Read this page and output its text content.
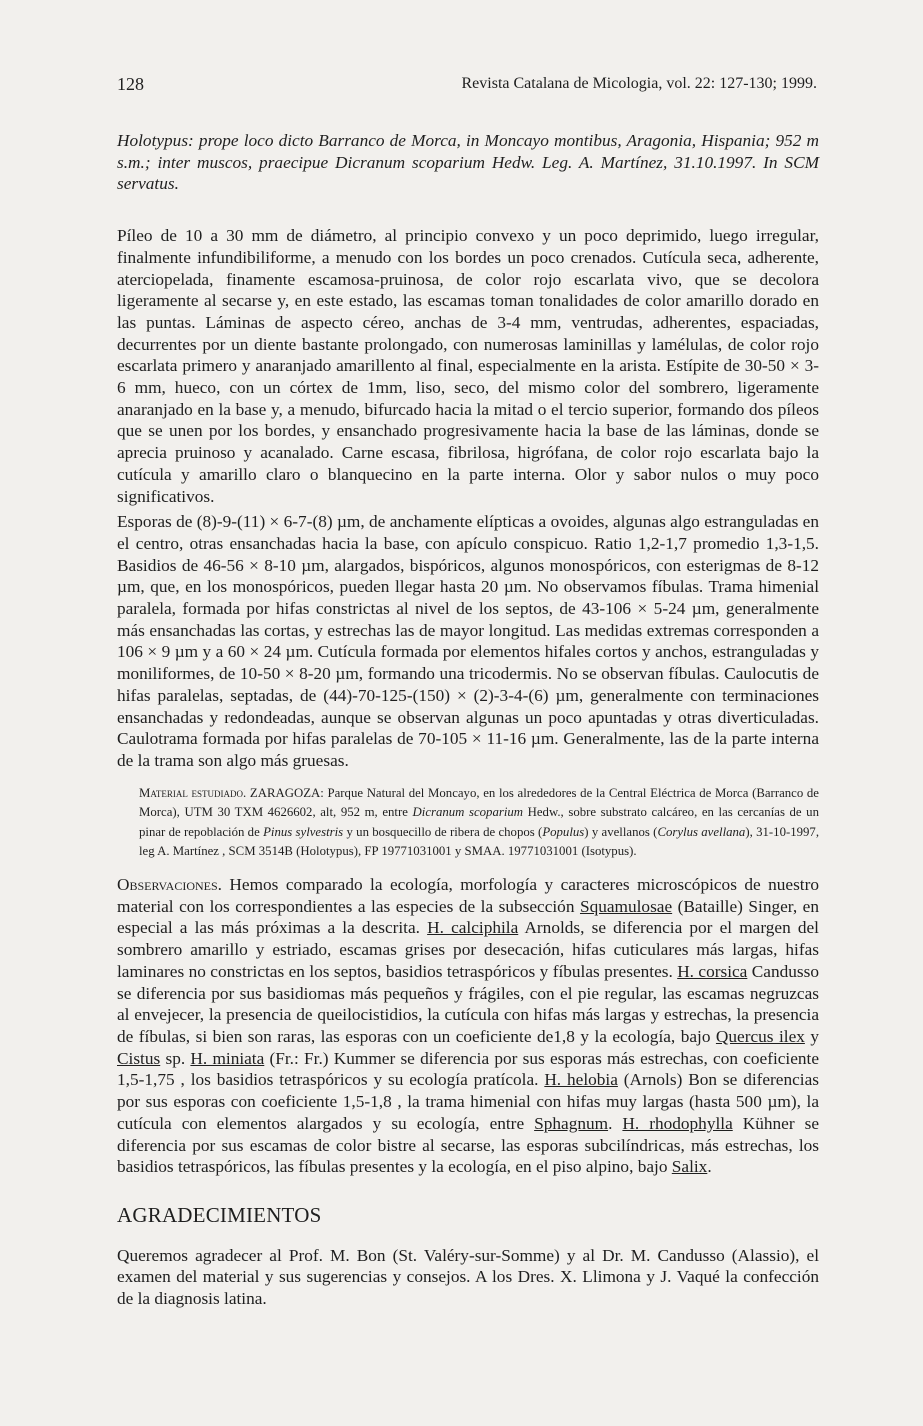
128	Revista Catalana de Micologia, vol. 22: 127-130; 1999.

Holotypus: prope loco dicto Barranco de Morca, in Moncayo montibus, Aragonia, Hispania; 952 m s.m.; inter muscos, praecipue Dicranum scoparium Hedw. Leg. A. Martínez, 31.10.1997. In SCM servatus.

Píleo de 10 a 30 mm de diámetro, al principio convexo y un poco deprimido, luego irregular, finalmente infundibiliforme, a menudo con los bordes un poco crenados. Cutícula seca, adherente, aterciopelada, finamente escamosa-pruinosa, de color rojo escarlata vivo, que se decolora ligeramente al secarse y, en este estado, las escamas toman tonalidades de color amarillo dorado en las puntas. Láminas de aspecto céreo, anchas de 3-4 mm, ventrudas, adherentes, espaciadas, decurrentes por un diente bastante prolongado, con numerosas laminillas y lamélulas, de color rojo escarlata primero y anaranjado amarillento al final, especialmente en la arista. Estípite de 30-50 × 3-6 mm, hueco, con un córtex de 1mm, liso, seco, del mismo color del sombrero, ligeramente anaranjado en la base y, a menudo, bifurcado hacia la mitad o el tercio superior, formando dos píleos que se unen por los bordes, y ensanchado progresivamente hacia la base de las láminas, donde se aprecia pruinoso y acanalado. Carne escasa, fibrilosa, higrófana, de color rojo escarlata bajo la cutícula y amarillo claro o blanquecino en la parte interna. Olor y sabor nulos o muy poco significativos.

Esporas de (8)-9-(11) × 6-7-(8) µm, de anchamente elípticas a ovoides, algunas algo estranguladas en el centro, otras ensanchadas hacia la base, con apículo conspicuo. Ratio 1,2-1,7 promedio 1,3-1,5. Basidios de 46-56 × 8-10 µm, alargados, bispóricos, algunos monospóricos, con esterigmas de 8-12 µm, que, en los monospóricos, pueden llegar hasta 20 µm. No observamos fíbulas. Trama himenial paralela, formada por hifas constrictas al nivel de los septos, de 43-106 × 5-24 µm, generalmente más ensanchadas las cortas, y estrechas las de mayor longitud. Las medidas extremas corresponden a 106 × 9 µm y a 60 × 24 µm. Cutícula formada por elementos hifales cortos y anchos, estranguladas y moniliformes, de 10-50 × 8-20 µm, formando una tricodermis. No se observan fíbulas. Caulocutis de hifas paralelas, septadas, de (44)-70-125-(150) × (2)-3-4-(6) µm, generalmente con terminaciones ensanchadas y redondeadas, aunque se observan algunas un poco apuntadas y otras diverticuladas. Caulotrama formada por hifas paralelas de 70-105 × 11-16 µm. Generalmente, las de la parte interna de la trama son algo más gruesas.

Material estudiado. ZARAGOZA: Parque Natural del Moncayo, en los alrededores de la Central Eléctrica de Morca (Barranco de Morca), UTM 30 TXM 4626602, alt, 952 m, entre Dicranum scoparium Hedw., sobre substrato calcáreo, en las cercanías de un pinar de repoblación de Pinus sylvestris y un bosquecillo de ribera de chopos (Populus) y avellanos (Corylus avellana), 31-10-1997, leg A. Martínez , SCM 3514B (Holotypus), FP 19771031001 y SMAA. 19771031001 (Isotypus).

Observaciones. Hemos comparado la ecología, morfología y caracteres microscópicos de nuestro material con los correspondientes a las especies de la subsección Squamulosae (Bataille) Singer, en especial a las más próximas a la descrita. H. calciphila Arnolds, se diferencia por el margen del sombrero amarillo y estriado, escamas grises por desecación, hifas cuticulares más largas, hifas laminares no constrictas en los septos, basidios tetraspóricos y fíbulas presentes. H. corsica Candusso se diferencia por sus basidiomas más pequeños y frágiles, con el pie regular, las escamas negruzcas al envejecer, la presencia de queilocistidios, la cutícula con hifas más largas y estrechas, la presencia de fíbulas, si bien son raras, las esporas con un coeficiente de1,8 y la ecología, bajo Quercus ilex y Cistus sp. H. miniata (Fr.: Fr.) Kummer se diferencia por sus esporas más estrechas, con coeficiente 1,5-1,75 , los basidios tetraspóricos y su ecología pratícola. H. helobia (Arnols) Bon se diferencias por sus esporas con coeficiente 1,5-1,8 , la trama himenial con hifas muy largas (hasta 500 µm), la cutícula con elementos alargados y su ecología, entre Sphagnum. H. rhodophylla Kühner se diferencia por sus escamas de color bistre al secarse, las esporas subcilíndricas, más estrechas, los basidios tetraspóricos, las fíbulas presentes y la ecología, en el piso alpino, bajo Salix.

AGRADECIMIENTOS

Queremos agradecer al Prof. M. Bon (St. Valéry-sur-Somme) y al Dr. M. Candusso (Alassio), el examen del material y sus sugerencias y consejos. A los Dres. X. Llimona y J. Vaqué la confección de la diagnosis latina.
